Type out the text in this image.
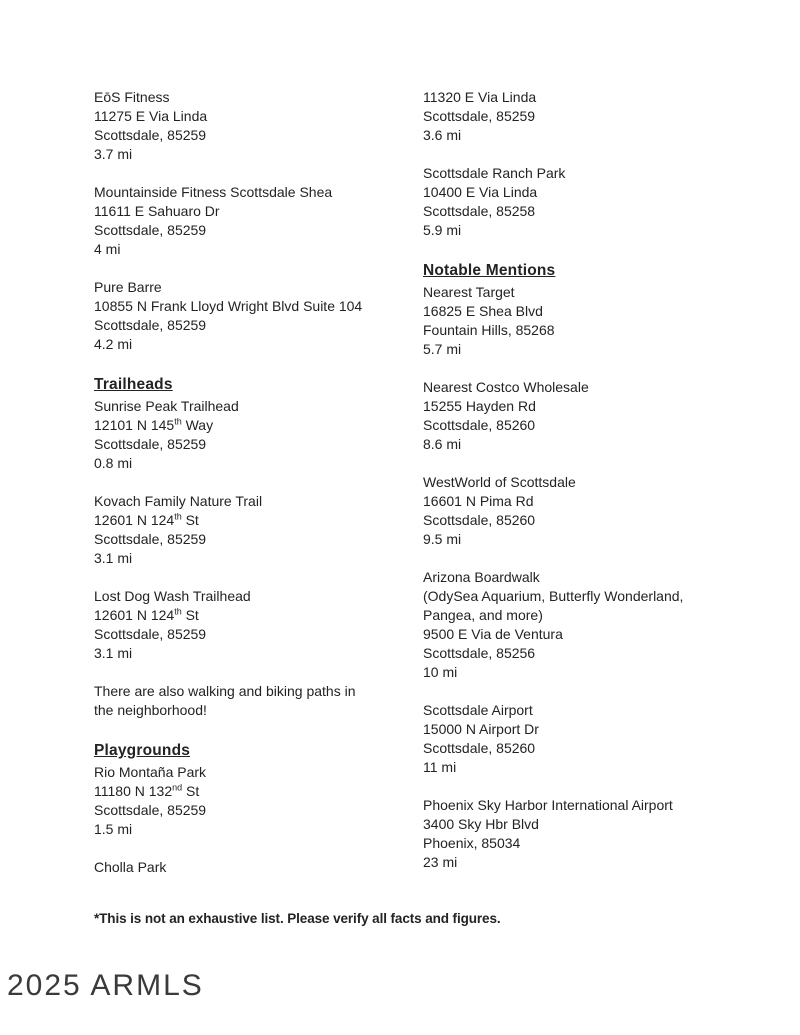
EōS Fitness
11275 E Via Linda
Scottsdale, 85259
3.7 mi
Mountainside Fitness Scottsdale Shea
11611 E Sahuaro Dr
Scottsdale, 85259
4 mi
Pure Barre
10855 N Frank Lloyd Wright Blvd Suite 104
Scottsdale, 85259
4.2 mi
Trailheads
Sunrise Peak Trailhead
12101 N 145th Way
Scottsdale, 85259
0.8 mi
Kovach Family Nature Trail
12601 N 124th St
Scottsdale, 85259
3.1 mi
Lost Dog Wash Trailhead
12601 N 124th St
Scottsdale, 85259
3.1 mi
There are also walking and biking paths in
the neighborhood!
Playgrounds
Rio Montaña Park
11180 N 132nd St
Scottsdale, 85259
1.5 mi
Cholla Park
11320 E Via Linda
Scottsdale, 85259
3.6 mi
Scottsdale Ranch Park
10400 E Via Linda
Scottsdale, 85258
5.9 mi
Notable Mentions
Nearest Target
16825 E Shea Blvd
Fountain Hills, 85268
5.7 mi
Nearest Costco Wholesale
15255 Hayden Rd
Scottsdale, 85260
8.6 mi
WestWorld of Scottsdale
16601 N Pima Rd
Scottsdale, 85260
9.5 mi
Arizona Boardwalk
(OdySea Aquarium, Butterfly Wonderland,
Pangea, and more)
9500 E Via de Ventura
Scottsdale, 85256
10 mi
Scottsdale Airport
15000 N Airport Dr
Scottsdale, 85260
11 mi
Phoenix Sky Harbor International Airport
3400 Sky Hbr Blvd
Phoenix, 85034
23 mi
*This is not an exhaustive list. Please verify all facts and figures.
2025 ARMLS
